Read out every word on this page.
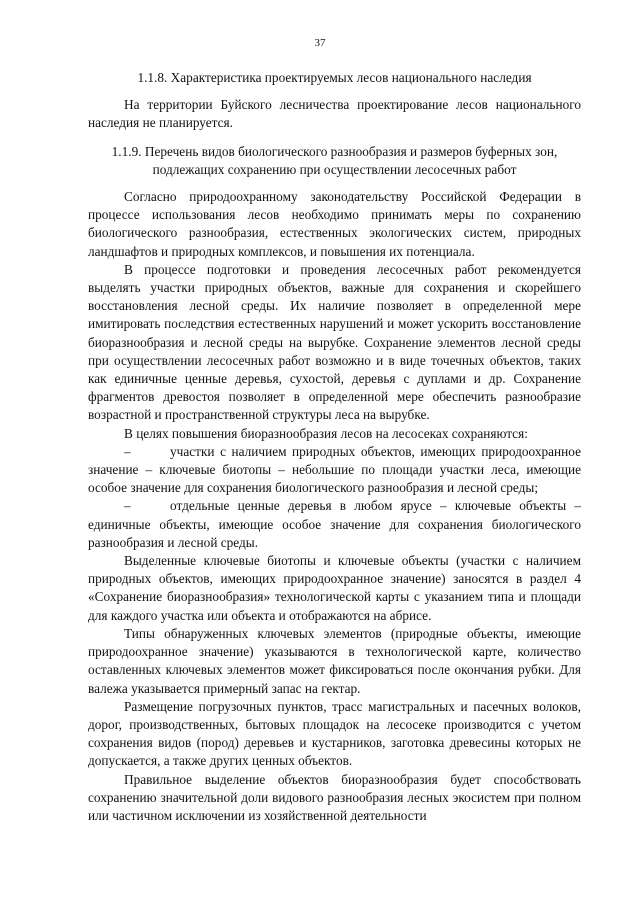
37

1.1.8. Характеристика проектируемых лесов национального наследия

На территории Буйского лесничества проектирование лесов национального наследия не планируется.

1.1.9. Перечень видов биологического разнообразия и размеров буферных зон,

подлежащих сохранению при осуществлении лесосечных работ

Согласно природоохранному законодательству Российской Федерации в процессе использования лесов необходимо принимать меры по сохранению биологического разнообразия, естественных экологических систем, природных ландшафтов и природных комплексов, и повышения их потенциала.

В процессе подготовки и проведения лесосечных работ рекомендуется выделять участки природных объектов, важные для сохранения и скорейшего восстановления лесной среды. Их наличие позволяет в определенной мере имитировать последствия естественных нарушений и может ускорить восстановление биоразнообразия и лесной среды на вырубке. Сохранение элементов лесной среды при осуществлении лесосечных работ возможно и в виде точечных объектов, таких как единичные ценные деревья, сухостой, деревья с дуплами и др. Сохранение фрагментов древостоя позволяет в определенной мере обеспечить разнообразие возрастной и пространственной структуры леса на вырубке.

В целях повышения биоразнообразия лесов на лесосеках сохраняются:

–	участки с наличием природных объектов, имеющих природоохранное значение – ключевые биотопы – небольшие по площади участки леса, имеющие особое значение для сохранения биологического разнообразия и лесной среды;

–	отдельные ценные деревья в любом ярусе – ключевые объекты – единичные объекты, имеющие особое значение для сохранения биологического разнообразия и лесной среды.

Выделенные ключевые биотопы и ключевые объекты (участки с наличием природных объектов, имеющих природоохранное значение) заносятся в раздел 4 «Сохранение биоразнообразия» технологической карты с указанием типа и площади для каждого участка или объекта и отображаются на абрисе.

Типы обнаруженных ключевых элементов (природные объекты, имеющие природоохранное значение) указываются в технологической карте, количество оставленных ключевых элементов может фиксироваться после окончания рубки. Для валежа указывается примерный запас на гектар.

Размещение погрузочных пунктов, трасс магистральных и пасечных волоков, дорог, производственных, бытовых площадок на лесосеке производится с учетом сохранения видов (пород) деревьев и кустарников, заготовка древесины которых не допускается, а также других ценных объектов.

Правильное выделение объектов биоразнообразия будет способствовать сохранению значительной доли видового разнообразия лесных экосистем при полном или частичном исключении из хозяйственной деятельности
